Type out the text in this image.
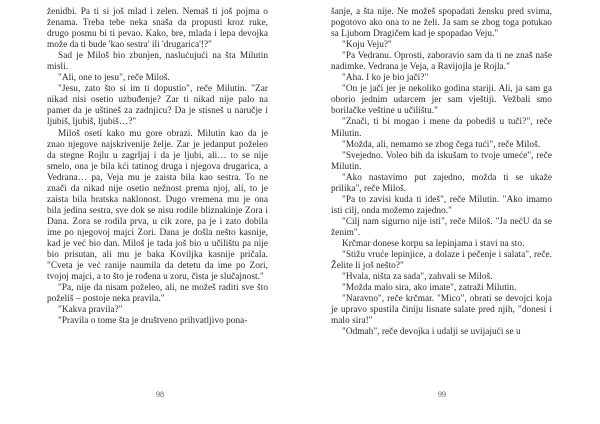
ženidbi. Pa ti si još mlad i zelen. Nemaš ti još pojma o ženama. Treba tebe neka snaša da propusti kroz ruke, drugo posmu bi ti pevao. Kako, bre, mlada i lepa devojka može da ti bude 'kao sestra' ili 'drugarica'!?"

Sad je Miloš bio zbunjen, naslućujući na šta Milutin misli.

"Ali, one to jesu", reče Miloš.

"Jesu, zato što si im ti dopustio", reče Milutin. "Zar nikad nisi osetio uzbuđenje? Zar ti nikad nije palo na pamet da je uštineš za zadnjicu? Da je stisneš u naručje i ljubiš, ljubiš, ljubiš…?"

Miloš oseti kako mu gore obrazi. Milutin kao da je znao njegove najskrivenije želje. Zar je jedanput poželeo da stegne Rojlu u zagrljaj i da je ljubi, ali… to se nije smelo, ona je bila kći tatinog druga i njegova drugarica, a Vedrana… pa, Veja mu je zaista bila kao sestra. To ne znači da nikad nije osetio nežnost prema njoj, ali, to je zaista bila bratska naklonost. Dugo vremena mu je ona bila jedina sestra, sve dok se nisu rodile bliznakinje Zora i Dana. Zora se rodila prva, u cik zore, pa je i zato dobila ime po njegovoj majci Zori. Dana je došla nešto kasnije, kad je već bio dan. Miloš je tada još bio u učilištu pa nije bio prisutan, ali mu je baka Kovilјka kasnije pričala. "Cveta je već ranije naumila da detetu da ime po Zori, tvojoj majci, a to što je rođena u zoru, čista je slučajnost."

"Pa, nije da nisam poželeo, ali, ne možeš raditi sve što poželiš – postoje neka pravila."

"Kakva pravila?"

"Pravila o tome šta je društveno prihvatljivo pona-

98

šanje, a šta nije. Ne možeš spopadati žensku pred svima, pogotovo ako ona to ne želi. Ja sam se zbog toga potukao sa Ljubom Dragičem kad je spopadao Veju."

"Koju Veju?"

"Pa Vedranu. Oprosti, zaboravio sam da ti ne znaš naše nadimke. Vedrana je Veja, a Ravijojla je Rojla."

"Aha. I ko je bio jači?"

"On je jači jer je nekoliko godina stariji. Ali, ja sam ga oborio jednim udarcem jer sam vještiji. Vežbali smo borilačke veštine u učilištu."

"Znači, ti bi mogao i mene da pobediš u tuči?", reče Milutin.

"Možda, ali, nemamo se zbog čega tući", reče Miloš.

"Svejedno. Voleo bih da iskušam to tvoje umeće", reče Milutin.

"Ako nastavimo put zajedno, možda ti se ukaže prilika", reče Miloš.

"Pa to zavisi kuda ti ideš", reče Milutin. "Ako imamo isti cilj, onda možemo zajedno."

"Cilj nam sigurno nije isti", reče Miloš. "Ja nećU da se ženim".

Krčmar donese korpu sa lepinjama i stavi na sto.

"Stižu vruće lepinjice, a dolaze i pečenje i salata", reče. Želite li još nešto?"

"Hvala, ništa za sada", zahvali se Miloš.

"Možda malo sira, ako imate", zatraži Milutin.

"Naravno", reče krčmar. "Mico", obrati se devojci koja je upravo spustila činiju lisnate salate pred njih, "donesi i malo sira!"

"Odmah", reče devojka i udalji se uvijajući se u

99
